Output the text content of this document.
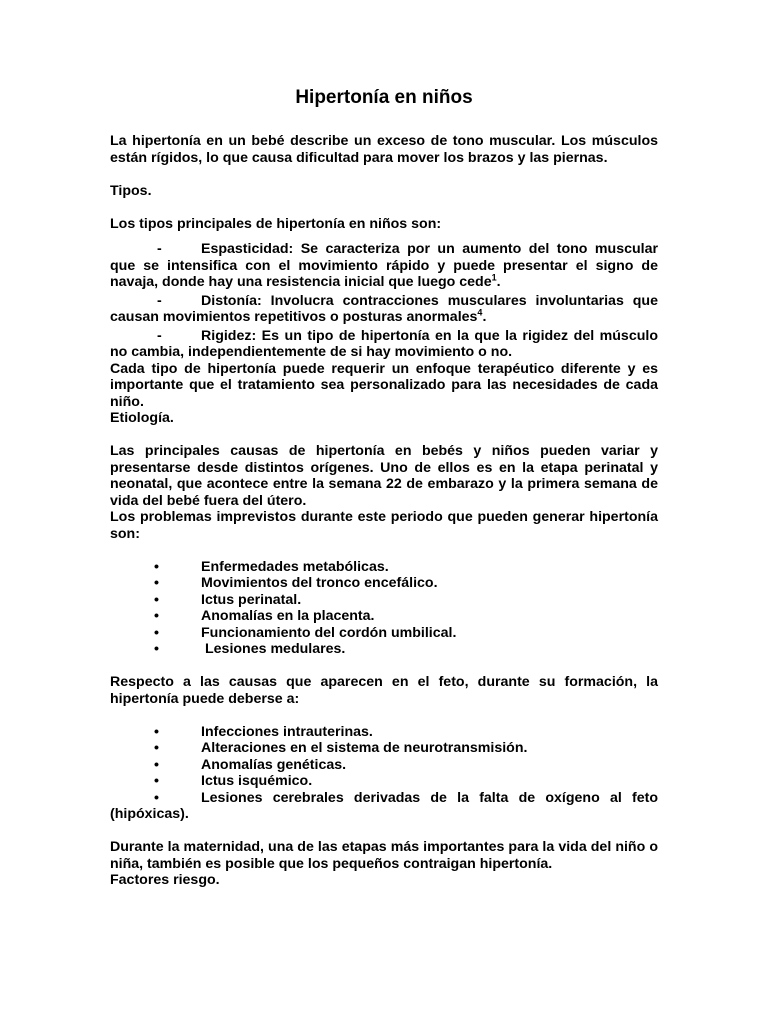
Hipertonía en niños

La hipertonía en un bebé describe un exceso de tono muscular. Los músculos están rígidos, lo que causa dificultad para mover los brazos y las piernas.

Tipos.

Los tipos principales de hipertonía en niños son:

-	Espasticidad: Se caracteriza por un aumento del tono muscular que se intensifica con el movimiento rápido y puede presentar el signo de navaja, donde hay una resistencia inicial que luego cede$^1$.

-	Distonía: Involucra contracciones musculares involuntarias que causan movimientos repetitivos o posturas anormales$^4$.

-	Rigidez: Es un tipo de hipertonía en la que la rigidez del músculo no cambia, independientemente de si hay movimiento o no.

Cada tipo de hipertonía puede requerir un enfoque terapéutico diferente y es importante que el tratamiento sea personalizado para las necesidades de cada niño.

Etiología.

Las principales causas de hipertonía en bebés y niños pueden variar y presentarse desde distintos orígenes. Uno de ellos es en la etapa perinatal y neonatal, que acontece entre la semana 22 de embarazo y la primera semana de vida del bebé fuera del útero.

Los problemas imprevistos durante este periodo que pueden generar hipertonía son:

•	Enfermedades metabólicas.
•	Movimientos del tronco encefálico.
•	Ictus perinatal.
•	Anomalías en la placenta.
•	Funcionamiento del cordón umbilical.
•	Lesiones medulares.

Respecto a las causas que aparecen en el feto, durante su formación, la hipertonía puede deberse a:

•	Infecciones intrauterinas.
•	Alteraciones en el sistema de neurotransmisión.
•	Anomalías genéticas.
•	Ictus isquémico.
•	Lesiones cerebrales derivadas de la falta de oxígeno al feto (hipóxicas).

Durante la maternidad, una de las etapas más importantes para la vida del niño o niña, también es posible que los pequeños contraigan hipertonía.

Factores riesgo.
